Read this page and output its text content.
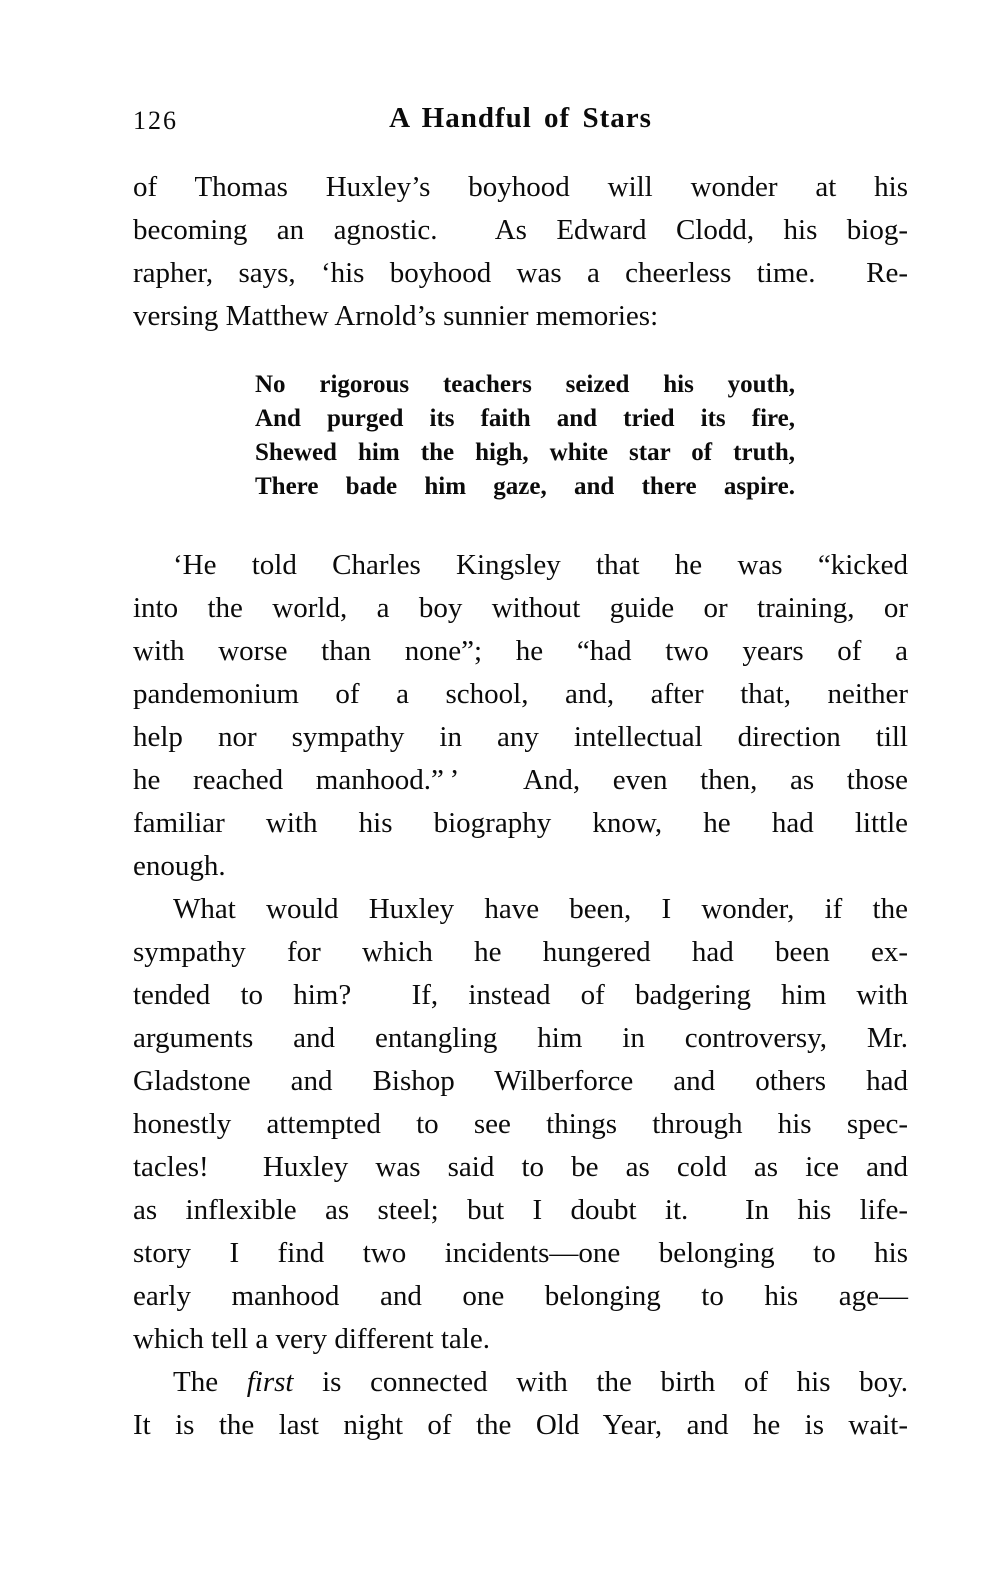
126	A Handful of Stars
of Thomas Huxley’s boyhood will wonder at his
becoming an agnostic.  As Edward Clodd, his biog-
rapher, says, ‘his boyhood was a cheerless time.  Re-
versing Matthew Arnold’s sunnier memories:
No rigorous teachers seized his youth,
And purged its faith and tried its fire,
Shewed him the high, white star of truth,
There bade him gaze, and there aspire.
‘He told Charles Kingsley that he was “kicked
into the world, a boy without guide or training, or
with worse than none”; he “had two years of a
pandemonium of a school, and, after that, neither
help nor sympathy in any intellectual direction till
he reached manhood.” ’  And, even then, as those
familiar with his biography know, he had little
enough.
What would Huxley have been, I wonder, if the
sympathy for which he hungered had been ex-
tended to him?  If, instead of badgering him with
arguments and entangling him in controversy, Mr.
Gladstone and Bishop Wilberforce and others had
honestly attempted to see things through his spec-
tacles!  Huxley was said to be as cold as ice and
as inflexible as steel; but I doubt it.  In his life-
story I find two incidents—one belonging to his
early manhood and one belonging to his age—
which tell a very different tale.
The first is connected with the birth of his boy.
It is the last night of the Old Year, and he is wait-
